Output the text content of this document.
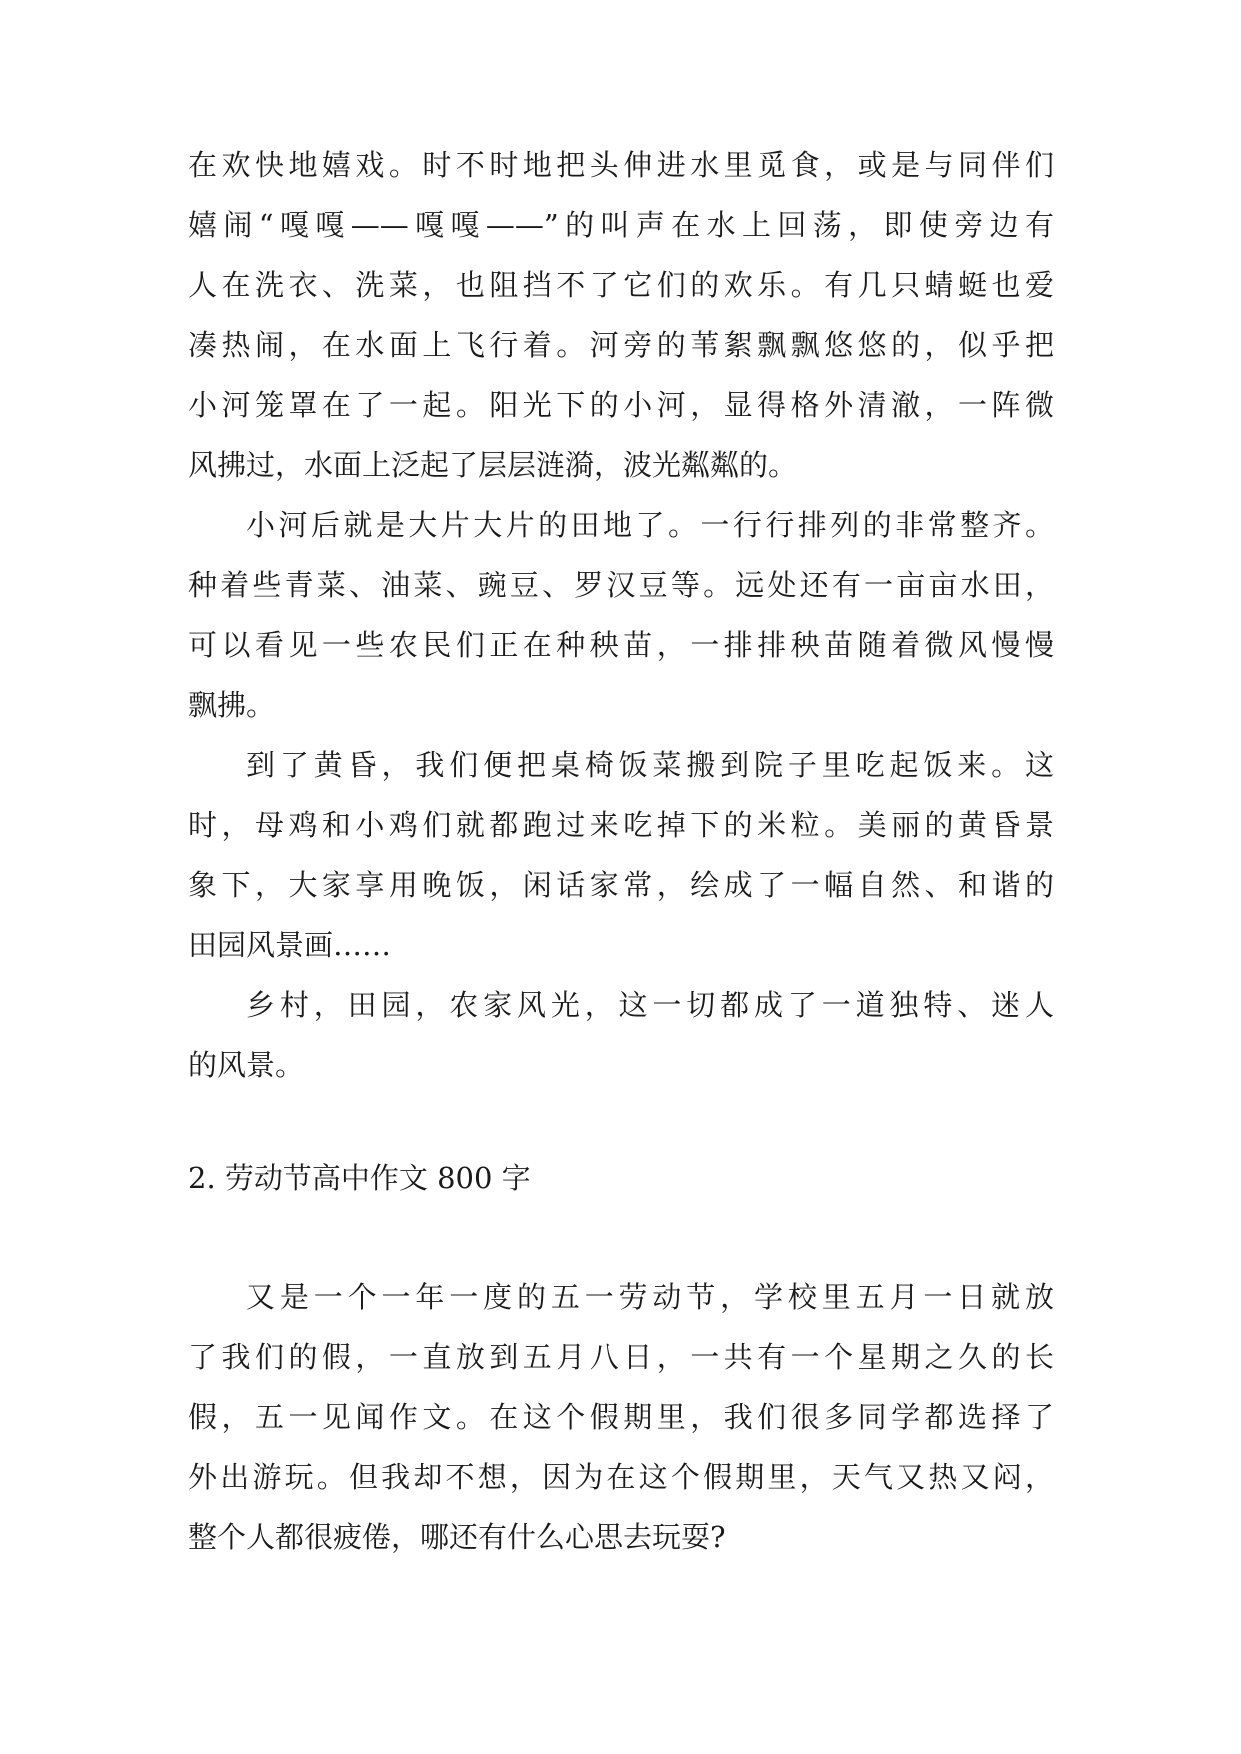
在欢快地嬉戏。时不时地把头伸进水里觅食，或是与同伴们
嬉闹“嘎嘎——嘎嘎——”的叫声在水上回荡，即使旁边有
人在洗衣、洗菜，也阻挡不了它们的欢乐。有几只蜻蜓也爱
凑热闹，在水面上飞行着。河旁的苇絮飘飘悠悠的，似乎把
小河笼罩在了一起。阳光下的小河，显得格外清澈，一阵微
风拂过，水面上泛起了层层涟漪，波光粼粼的。
小河后就是大片大片的田地了。一行行排列的非常整齐。
种着些青菜、油菜、豌豆、罗汉豆等。远处还有一亩亩水田，
可以看见一些农民们正在种秧苗，一排排秧苗随着微风慢慢
飘拂。
到了黄昏，我们便把桌椅饭菜搬到院子里吃起饭来。这
时，母鸡和小鸡们就都跑过来吃掉下的米粒。美丽的黄昏景
象下，大家享用晚饭，闲话家常，绘成了一幅自然、和谐的
田园风景画……
乡村，田园，农家风光，这一切都成了一道独特、迷人
的风景。
2. 劳动节高中作文 800 字
又是一个一年一度的五一劳动节，学校里五月一日就放
了我们的假，一直放到五月八日，一共有一个星期之久的长
假，五一见闻作文。在这个假期里，我们很多同学都选择了
外出游玩。但我却不想，因为在这个假期里，天气又热又闷，
整个人都很疲倦，哪还有什么心思去玩耍?
